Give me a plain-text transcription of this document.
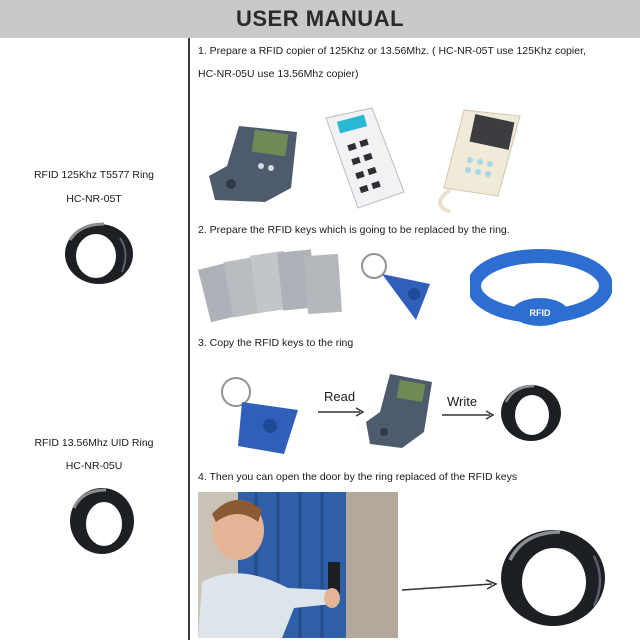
USER MANUAL
RFID 125Khz T5577 Ring
HC-NR-05T
RFID 13.56Mhz UID Ring
HC-NR-05U
1. Prepare a RFID copier of 125Khz or 13.56Mhz. ( HC-NR-05T use 125Khz copier,
HC-NR-05U use 13.56Mhz copier)
2. Prepare the RFID keys which is going to be replaced by the ring.
RFID
3. Copy the RFID keys to the ring
Read	Write
4. Then you can open the door by the ring replaced of the RFID keys
